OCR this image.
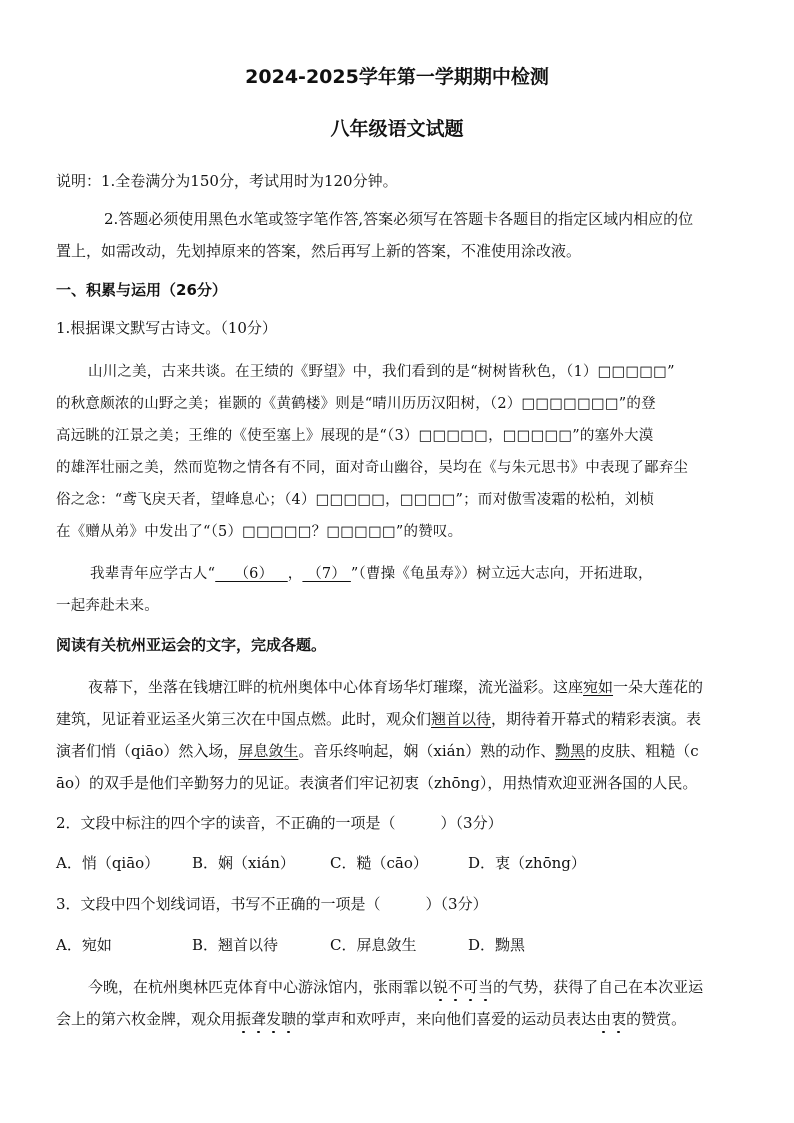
2024-2025学年第一学期期中检测
八年级语文试题
说明：1.全卷满分为150分，考试用时为120分钟。
2.答题必须使用黑色水笔或签字笔作答,答案必须写在答题卡各题目的指定区域内相应的位
置上，如需改动，先划掉原来的答案，然后再写上新的答案，不准使用涂改液。
一、积累与运用（26分）
1.根据课文默写古诗文。（10分）
山川之美，古来共谈。在王绩的《野望》中，我们看到的是“树树皆秋色，（1）□□□□□”
的秋意颇浓的山野之美；崔颢的《黄鹤楼》则是“晴川历历汉阳树，（2）□□□□□□□”的登
高远眺的江景之美；王维的《使至塞上》展现的是“（3）□□□□□，□□□□□”的塞外大漠
的雄浑壮丽之美，然而览物之情各有不同，面对奇山幽谷，吴均在《与朱元思书》中表现了鄙弃尘
俗之念：“鸢飞戾天者，望峰息心；（4）□□□□□，□□□□”；而对傲雪凌霜的松柏，刘桢
在《赠从弟》中发出了“（5）□□□□□？□□□□□”的赞叹。
我辈青年应学古人“    （6）   ， （7） ”（曹操《龟虽寿》）树立远大志向，开拓进取，
一起奔赴未来。
阅读有关杭州亚运会的文字，完成各题。
夜幕下，坐落在钱塘江畔的杭州奥体中心体育场华灯璀璨，流光溢彩。这座宛如一朵大莲花的
建筑，见证着亚运圣火第三次在中国点燃。此时，观众们翘首以待，期待着开幕式的精彩表演。表
演者们悄（qiāo）然入场，屏息敛生。音乐终响起，娴（xián）熟的动作、黝黑的皮肤、粗糙（c
āo）的双手是他们辛勤努力的见证。表演者们牢记初衷（zhōng），用热情欢迎亚洲各国的人民。
2．文段中标注的四个字的读音，不正确的一项是（　　　）（3分）
A．悄（qiāo） B．娴（xián） C．糙（cāo）	D．衷（zhōng）
3．文段中四个划线词语，书写不正确的一项是（　　　）（3分）
A．宛如	B．翘首以待	C．屏息敛生	D．黝黑
今晚，在杭州奥林匹克体育中心游泳馆内，张雨霏以锐不可当的气势，获得了自己在本次亚运
会上的第六枚金牌，观众用振聋发聩的掌声和欢呼声，来向他们喜爱的运动员表达由衷的赞赏。
